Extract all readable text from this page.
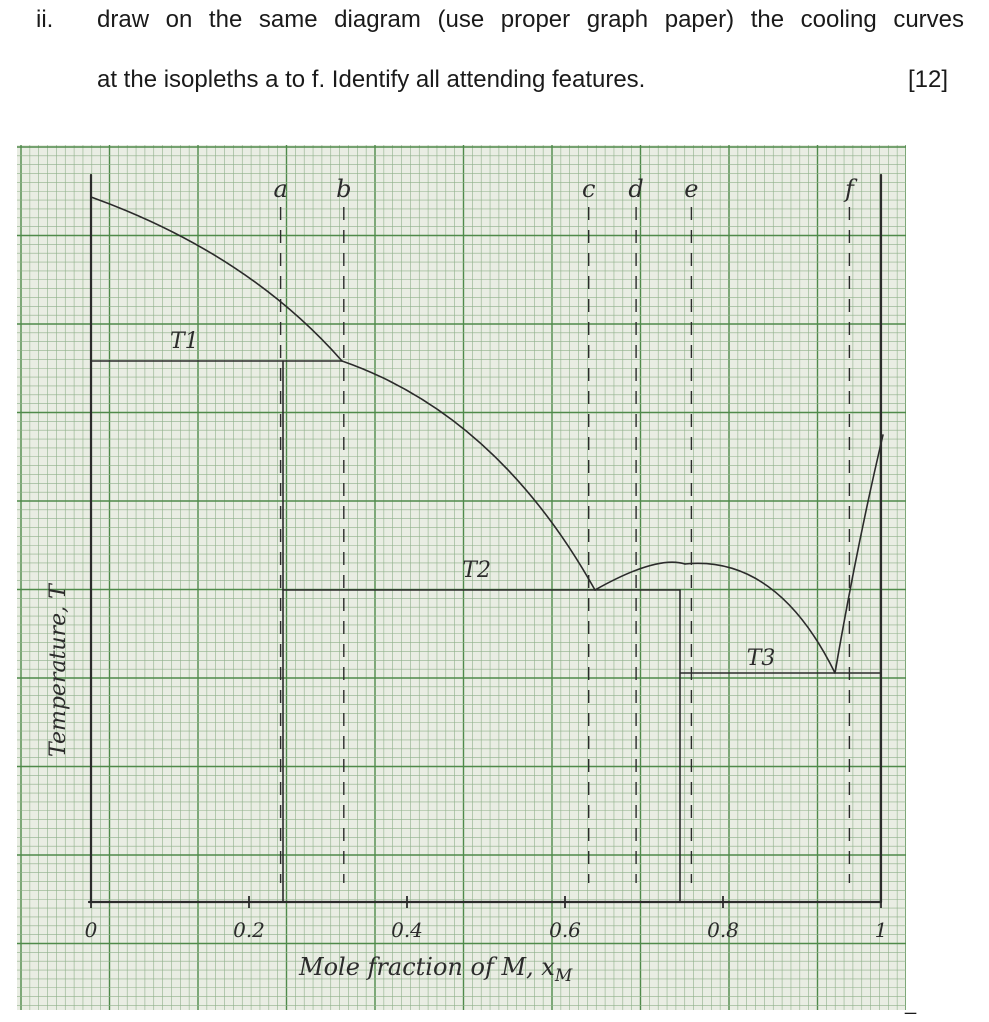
ii. draw on the same diagram (use proper graph paper) the cooling curves
at the isopleths a to f. Identify all attending features.	[12]
a b	c d e	f
T1
T2
T3
0	0.2	0.4	0.6	0.8	1
Mole fraction of M, $x_M$
Temperature, T
_
